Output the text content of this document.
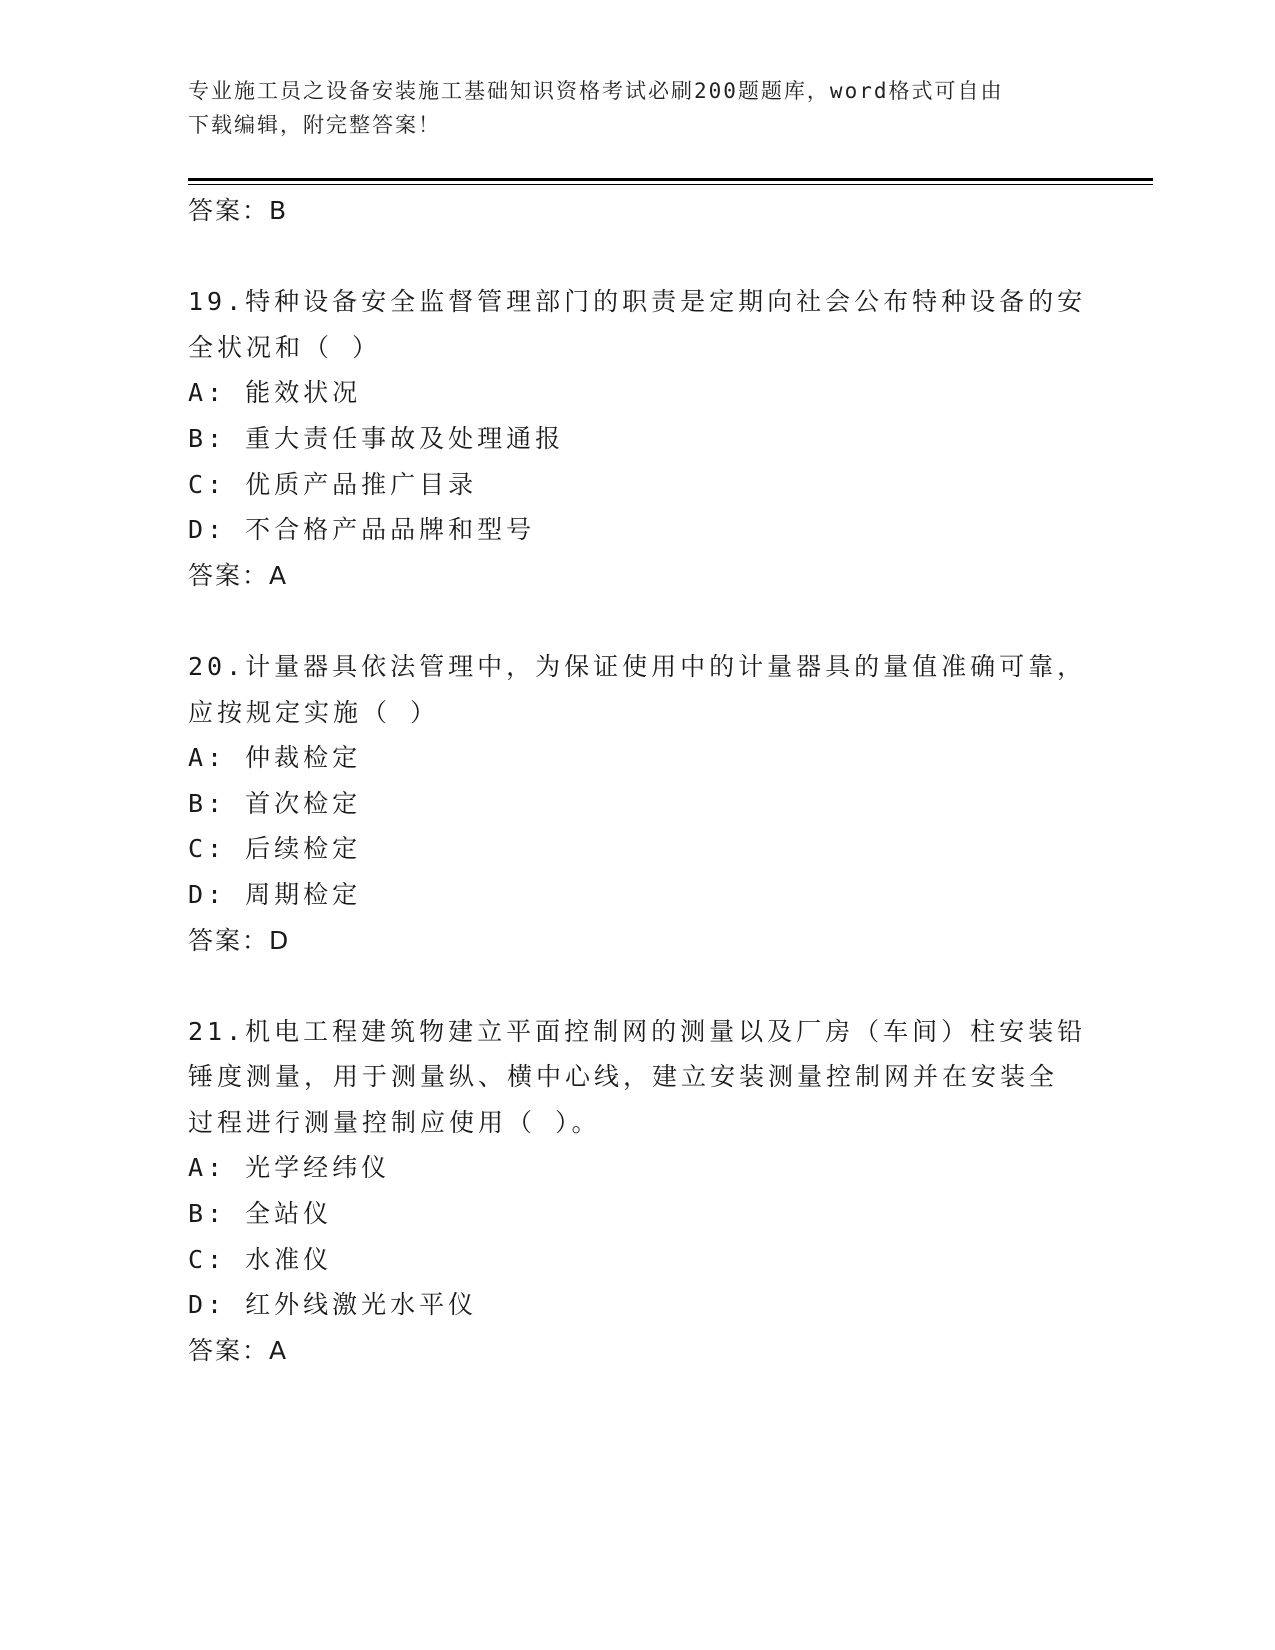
专业施工员之设备安装施工基础知识资格考试必刷200题题库，word格式可自由
下载编辑，附完整答案！
答案：B
19.特种设备安全监督管理部门的职责是定期向社会公布特种设备的安
全状况和（ ）
A: 能效状况
B: 重大责任事故及处理通报
C: 优质产品推广目录
D: 不合格产品品牌和型号
答案：A
20.计量器具依法管理中，为保证使用中的计量器具的量值准确可靠，
应按规定实施（ ）
A: 仲裁检定
B: 首次检定
C: 后续检定
D: 周期检定
答案：D
21.机电工程建筑物建立平面控制网的测量以及厂房（车间）柱安装铅
锤度测量，用于测量纵、横中心线，建立安装测量控制网并在安装全
过程进行测量控制应使用（ ）。
A: 光学经纬仪
B: 全站仪
C: 水准仪
D: 红外线激光水平仪
答案：A
